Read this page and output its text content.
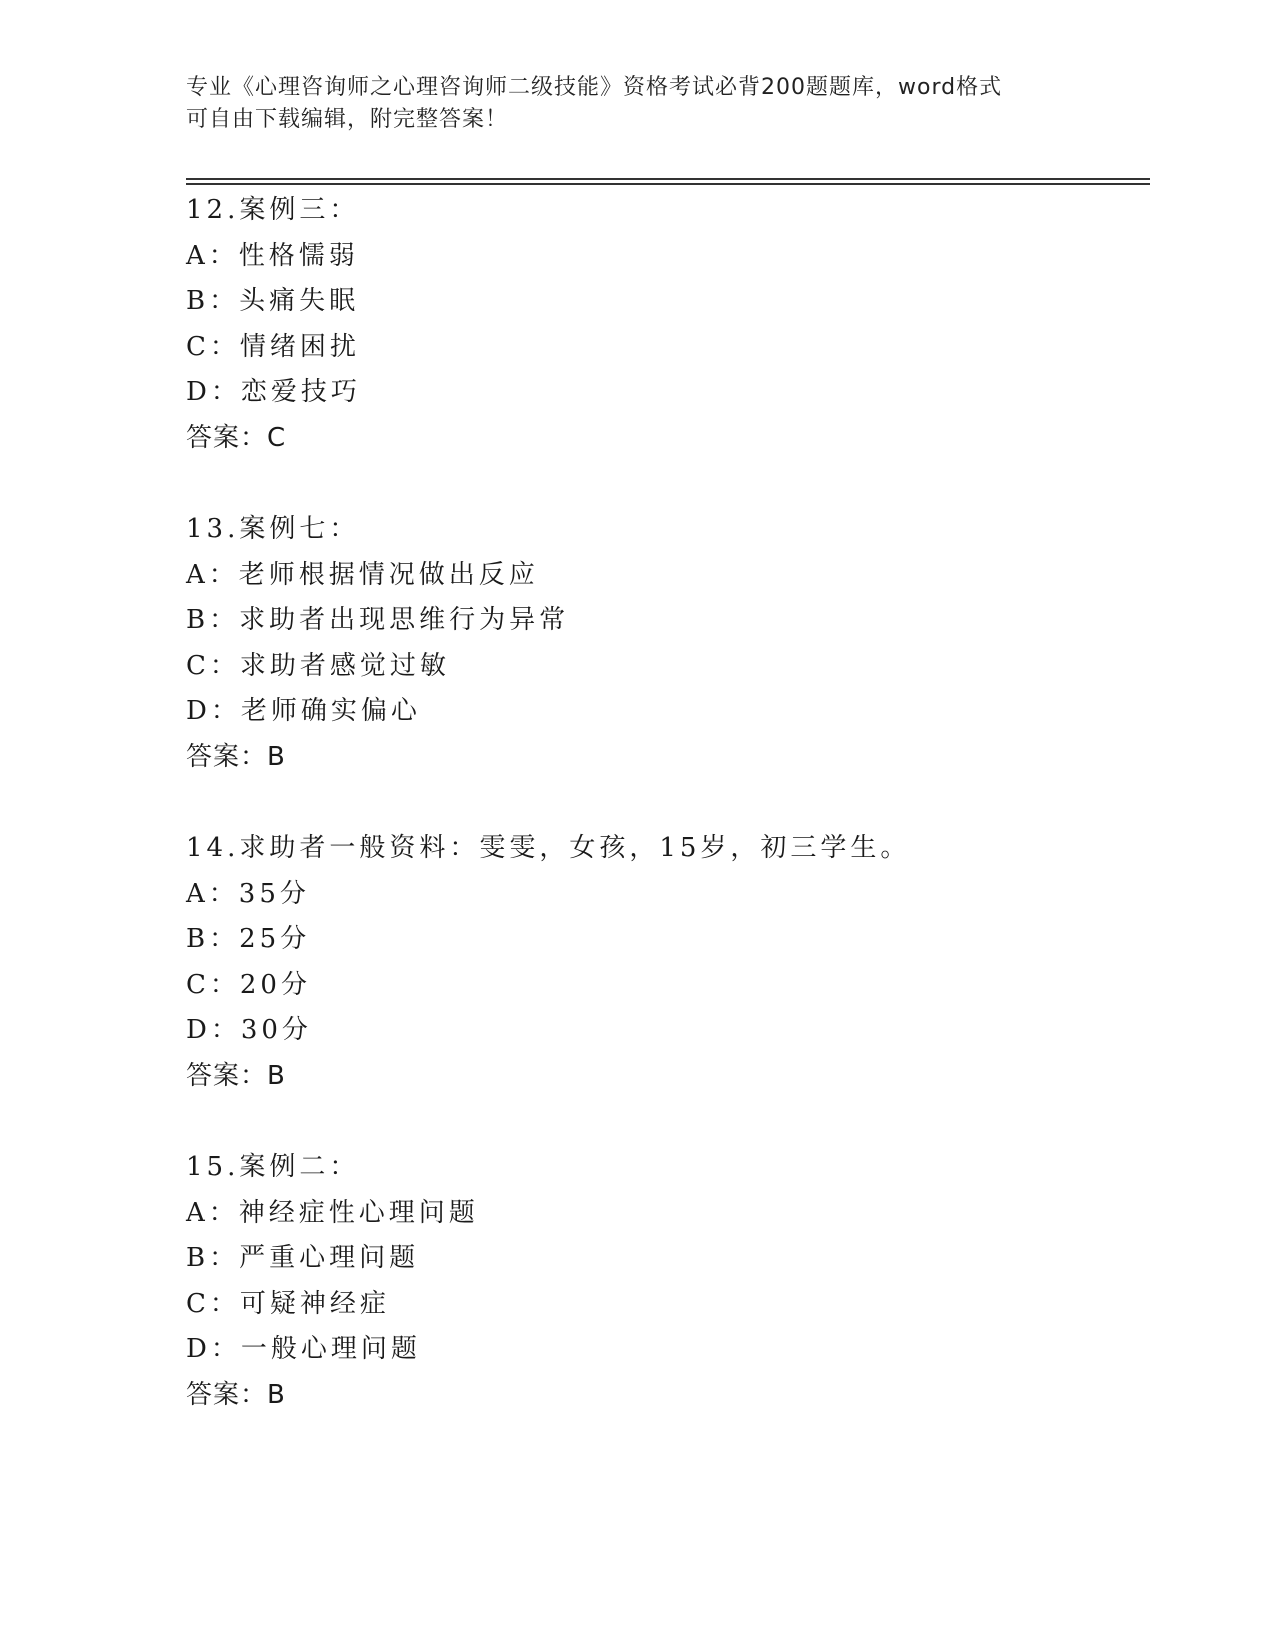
专业《心理咨询师之心理咨询师二级技能》资格考试必背200题题库，word格式
可自由下载编辑，附完整答案！
12.案例三：
A：性格懦弱
B：头痛失眠
C：情绪困扰
D：恋爱技巧
答案：C
13.案例七：
A：老师根据情况做出反应
B：求助者出现思维行为异常
C：求助者感觉过敏
D：老师确实偏心
答案：B
14.求助者一般资料：雯雯，女孩，15岁，初三学生。
A：35分
B：25分
C：20分
D：30分
答案：B
15.案例二：
A：神经症性心理问题
B：严重心理问题
C：可疑神经症
D：一般心理问题
答案：B
